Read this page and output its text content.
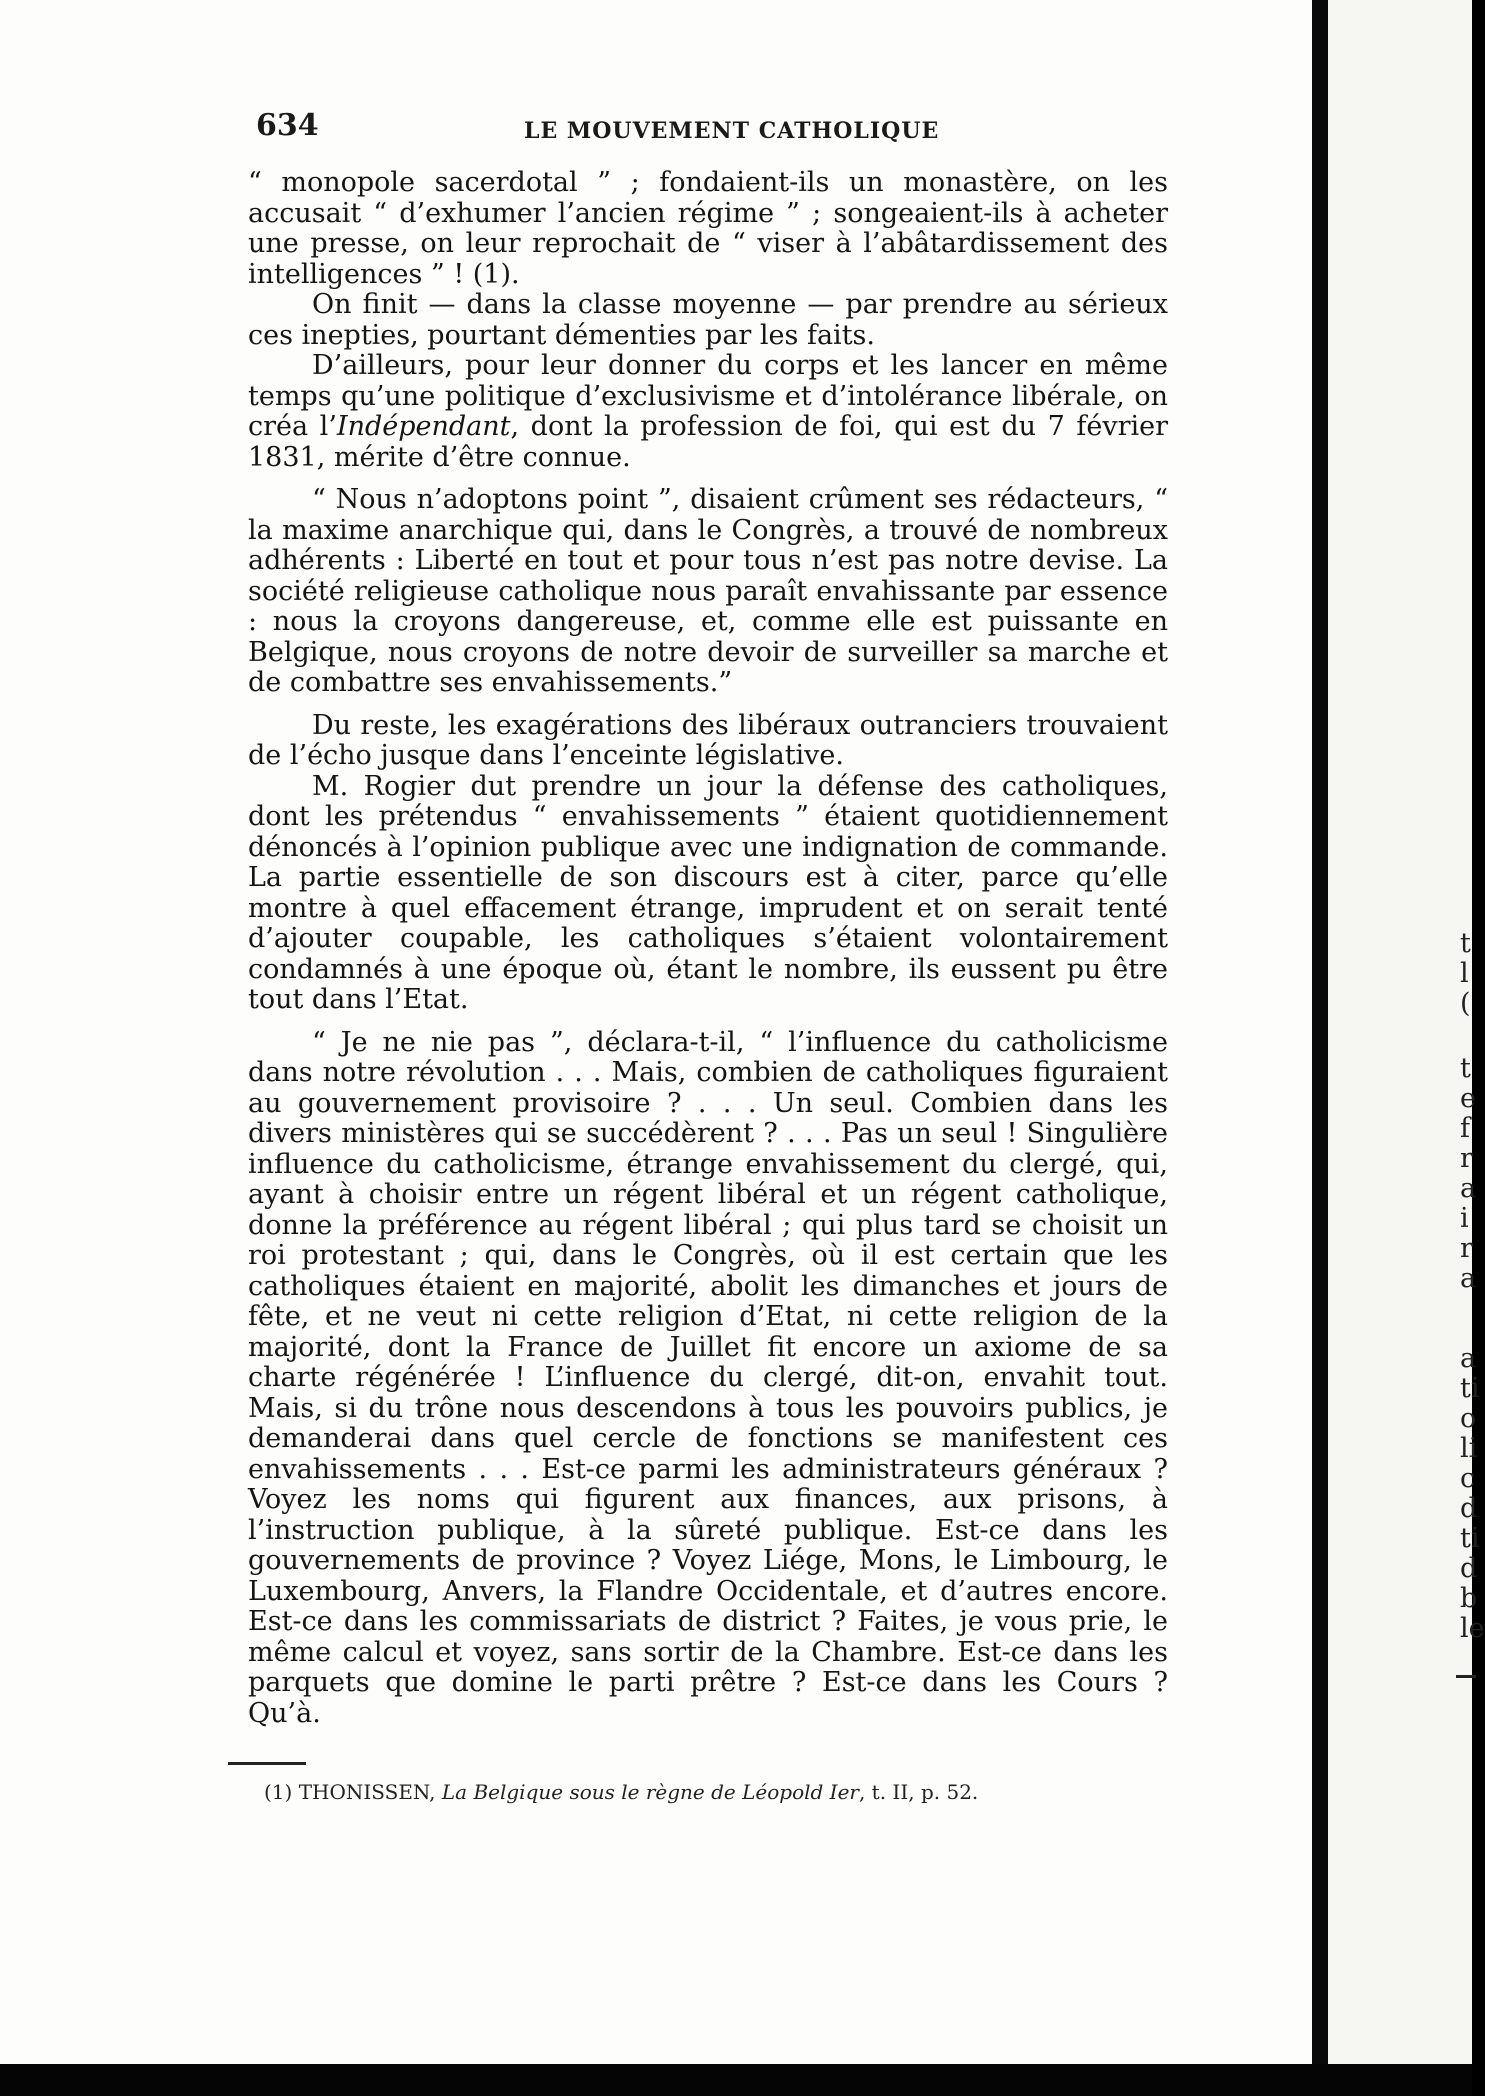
634	LE MOUVEMENT CATHOLIQUE

“ monopole sacerdotal ” ; fondaient-ils un monastère, on les accusait “ d’exhumer l’ancien régime ” ; songeaient-ils à acheter une presse, on leur reprochait de “ viser à l’abâtardissement des intelligences ” ! (1).

On finit — dans la classe moyenne — par prendre au sérieux ces inepties, pourtant démenties par les faits.

D’ailleurs, pour leur donner du corps et les lancer en même temps qu’une politique d’exclusivisme et d’intolérance libérale, on créa l’Indépendant, dont la profession de foi, qui est du 7 février 1831, mérite d’être connue.

“ Nous n’adoptons point ”, disaient crûment ses rédacteurs, “ la maxime anarchique qui, dans le Congrès, a trouvé de nombreux adhérents : Liberté en tout et pour tous n’est pas notre devise. La société religieuse catholique nous paraît envahissante par essence : nous la croyons dangereuse, et, comme elle est puissante en Belgique, nous croyons de notre devoir de surveiller sa marche et de combattre ses envahissements.”

Du reste, les exagérations des libéraux outranciers trouvaient de l’écho jusque dans l’enceinte législative.

M. Rogier dut prendre un jour la défense des catholiques, dont les prétendus “ envahissements ” étaient quotidiennement dénoncés à l’opinion publique avec une indignation de commande. La partie essentielle de son discours est à citer, parce qu’elle montre à quel effacement étrange, imprudent et on serait tenté d’ajouter coupable, les catholiques s’étaient volontairement condamnés à une époque où, étant le nombre, ils eussent pu être tout dans l’Etat.

“ Je ne nie pas ”, déclara-t-il, “ l’influence du catholicisme dans notre révolution . . . Mais, combien de catholiques figuraient au gouvernement provisoire ? . . . Un seul. Combien dans les divers ministères qui se succédèrent ? . . . Pas un seul ! Singulière influence du catholicisme, étrange envahissement du clergé, qui, ayant à choisir entre un régent libéral et un régent catholique, donne la préférence au régent libéral ; qui plus tard se choisit un roi protestant ; qui, dans le Congrès, où il est certain que les catholiques étaient en majorité, abolit les dimanches et jours de fête, et ne veut ni cette religion d’Etat, ni cette religion de la majorité, dont la France de Juillet fit encore un axiome de sa charte régénérée ! L’influence du clergé, dit-on, envahit tout. Mais, si du trône nous descendons à tous les pouvoirs publics, je demanderai dans quel cercle de fonctions se manifestent ces envahissements . . . Est-ce parmi les administrateurs généraux ? Voyez les noms qui figurent aux finances, aux prisons, à l’instruction publique, à la sûreté publique. Est-ce dans les gouvernements de province ? Voyez Liége, Mons, le Limbourg, le Luxembourg, Anvers, la Flandre Occidentale, et d’autres encore. Est-ce dans les commissariats de district ? Faites, je vous prie, le même calcul et voyez, sans sortir de la Chambre. Est-ce dans les parquets que domine le parti prêtre ? Est-ce dans les Cours ? Qu’à.
(1) THONISSEN, La Belgique sous le règne de Léopold Ier, t. II, p. 52.
t
l
(
t
e
f
r
a
i
r
a
a
ti
o
li
c
d
ti
d
b
le
